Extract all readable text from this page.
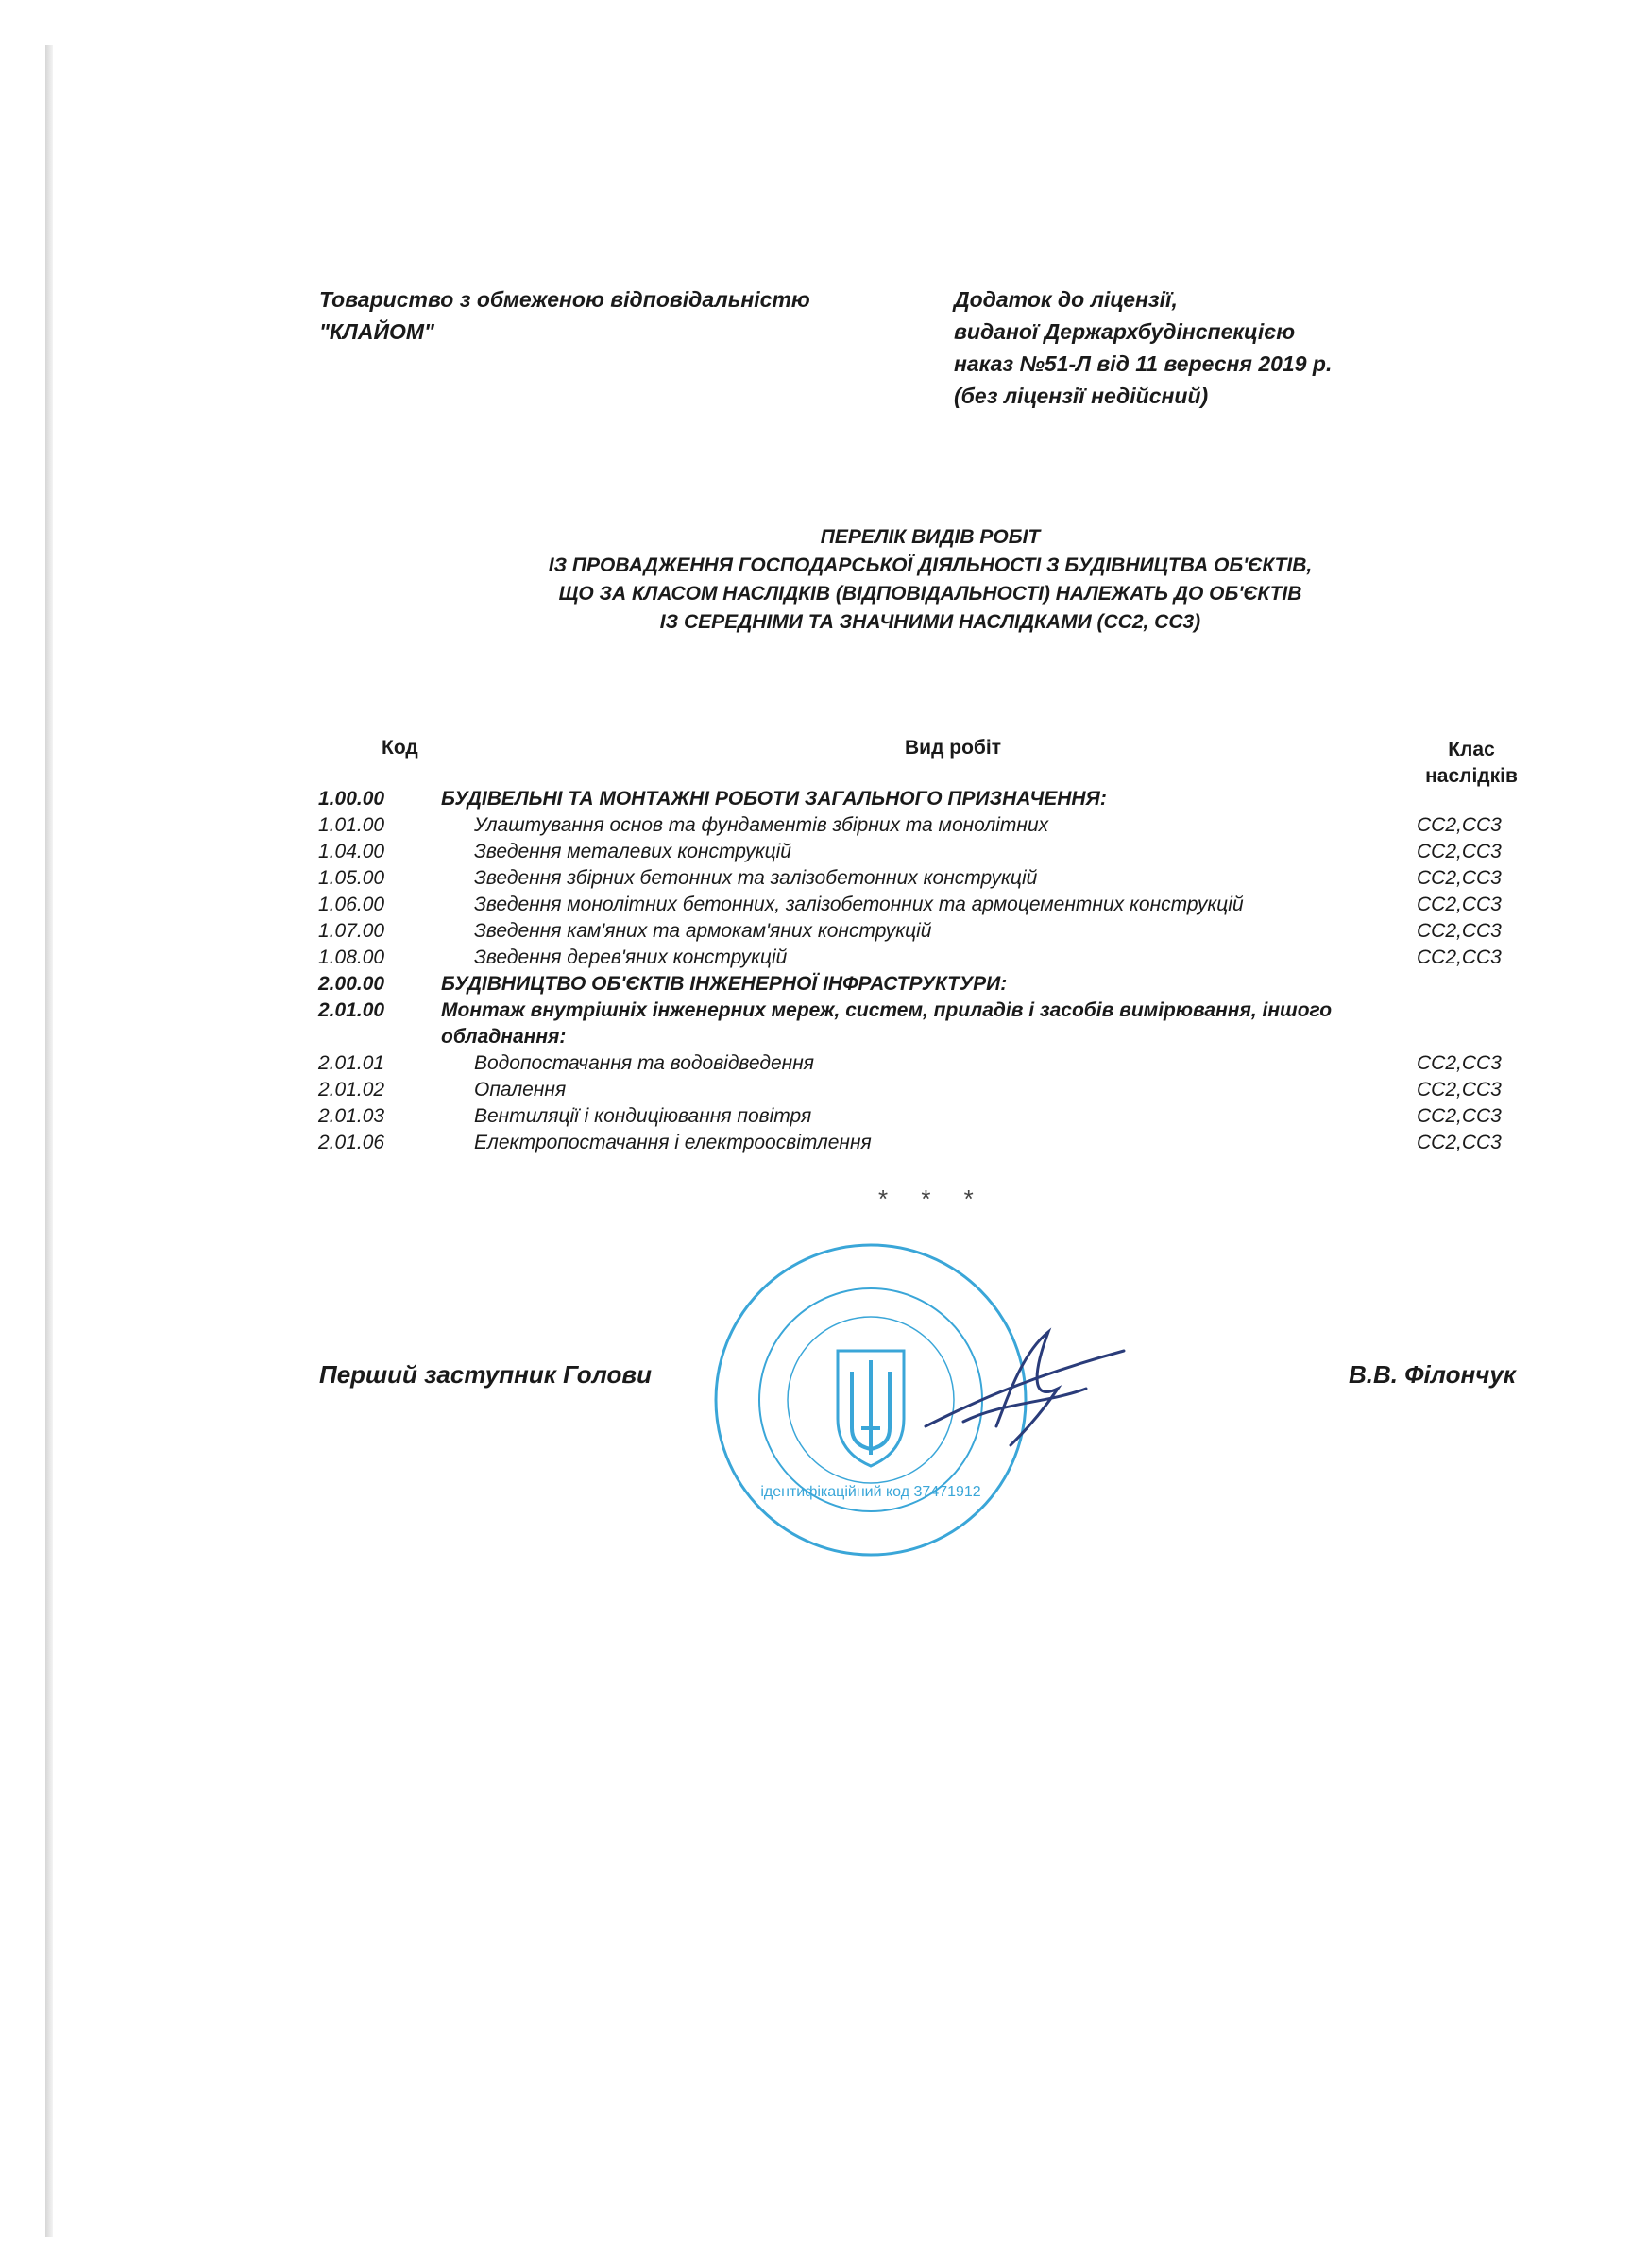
Товариство з обмеженою відповідальністю
"КЛАЙОМ"
Додаток до ліцензії,
виданої Держархбудінспекцією
наказ №51-Л від 11 вересня 2019 р.
(без ліцензії недійсний)
ПЕРЕЛІК ВИДІВ РОБІТ
ІЗ ПРОВАДЖЕННЯ ГОСПОДАРСЬКОЇ ДІЯЛЬНОСТІ З БУДІВНИЦТВА ОБ'ЄКТІВ,
ЩО ЗА КЛАСОМ НАСЛІДКІВ (ВІДПОВІДАЛЬНОСТІ) НАЛЕЖАТЬ ДО ОБ'ЄКТІВ
ІЗ СЕРЕДНІМИ ТА ЗНАЧНИМИ НАСЛІДКАМИ (СС2, СС3)
Код	Вид робіт	Клас
наслідків
1.00.00	БУДІВЕЛЬНІ ТА МОНТАЖНІ РОБОТИ ЗАГАЛЬНОГО ПРИЗНАЧЕННЯ:
1.01.00	Улаштування основ та фундаментів збірних та монолітних	СС2,СС3
1.04.00	Зведення металевих конструкцій	СС2,СС3
1.05.00	Зведення збірних бетонних та залізобетонних конструкцій	СС2,СС3
1.06.00	Зведення монолітних бетонних, залізобетонних та армоцементних конструкцій	СС2,СС3
1.07.00	Зведення кам'яних та армокам'яних конструкцій	СС2,СС3
1.08.00	Зведення дерев'яних конструкцій	СС2,СС3
2.00.00	БУДІВНИЦТВО ОБ'ЄКТІВ ІНЖЕНЕРНОЇ ІНФРАСТРУКТУРИ:
2.01.00	Монтаж внутрішніх інженерних мереж, систем, приладів і засобів вимірювання, іншого обладнання:
2.01.01	Водопостачання та водовідведення	СС2,СС3
2.01.02	Опалення	СС2,СС3
2.01.03	Вентиляції і кондиціювання повітря	СС2,СС3
2.01.06	Електропостачання і електроосвітлення	СС2,СС3
* * *
Перший заступник Голови	В.В. Філончук
ідентифікаційний код 37471912
